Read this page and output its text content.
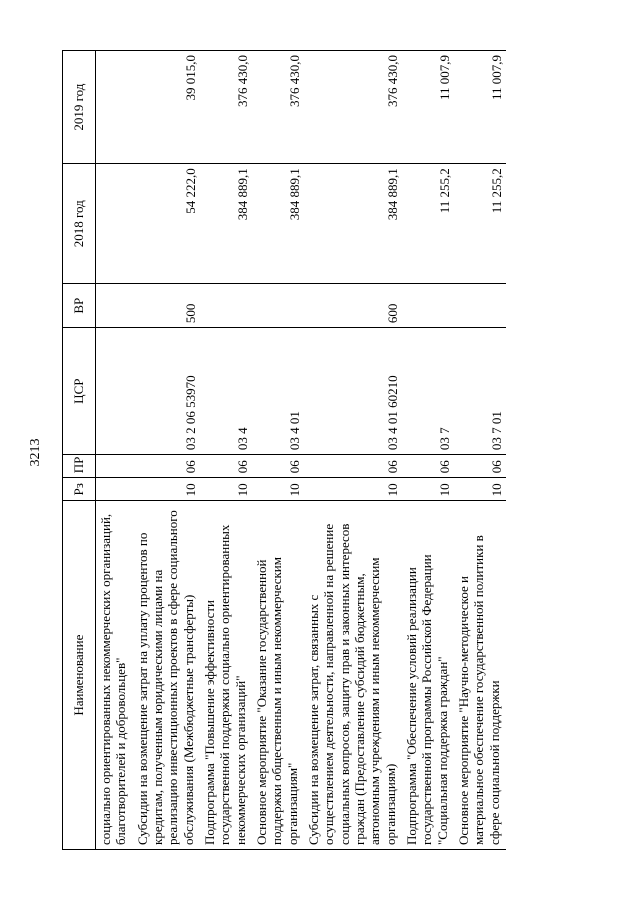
3213
Наименование	Рз	ПР	ЦСР	ВР	2018 год	2019 год
социально ориентированных некоммерческих организаций, благотворителей и добровольцев"						
Субсидии на возмещение затрат на уплату процентов по кредитам, полученным юридическими лицами на реализацию инвестиционных проектов в сфере социального обслуживания (Межбюджетные трансферты)	10	06	03 2 06 53970	500	54 222,0	39 015,0
Подпрограмма "Повышение эффективности государственной поддержки социально ориентированных некоммерческих организаций"	10	06	03 4		384 889,1	376 430,0
Основное мероприятие "Оказание государственной поддержки общественным и иным некоммерческим организациям"	10	06	03 4 01		384 889,1	376 430,0
Субсидии на возмещение затрат, связанных с осуществлением деятельности, направленной на решение социальных вопросов, защиту прав и законных интересов граждан (Предоставление субсидий бюджетным, автономным учреждениям и иным некоммерческим организациям)	10	06	03 4 01 60210	600	384 889,1	376 430,0
Подпрограмма "Обеспечение условий реализации государственной программы Российской Федерации "Социальная поддержка граждан"	10	06	03 7		11 255,2	11 007,9
Основное мероприятие "Научно-методическое и материальное обеспечение государственной политики в сфере социальной поддержки	10	06	03 7 01		11 255,2	11 007,9
